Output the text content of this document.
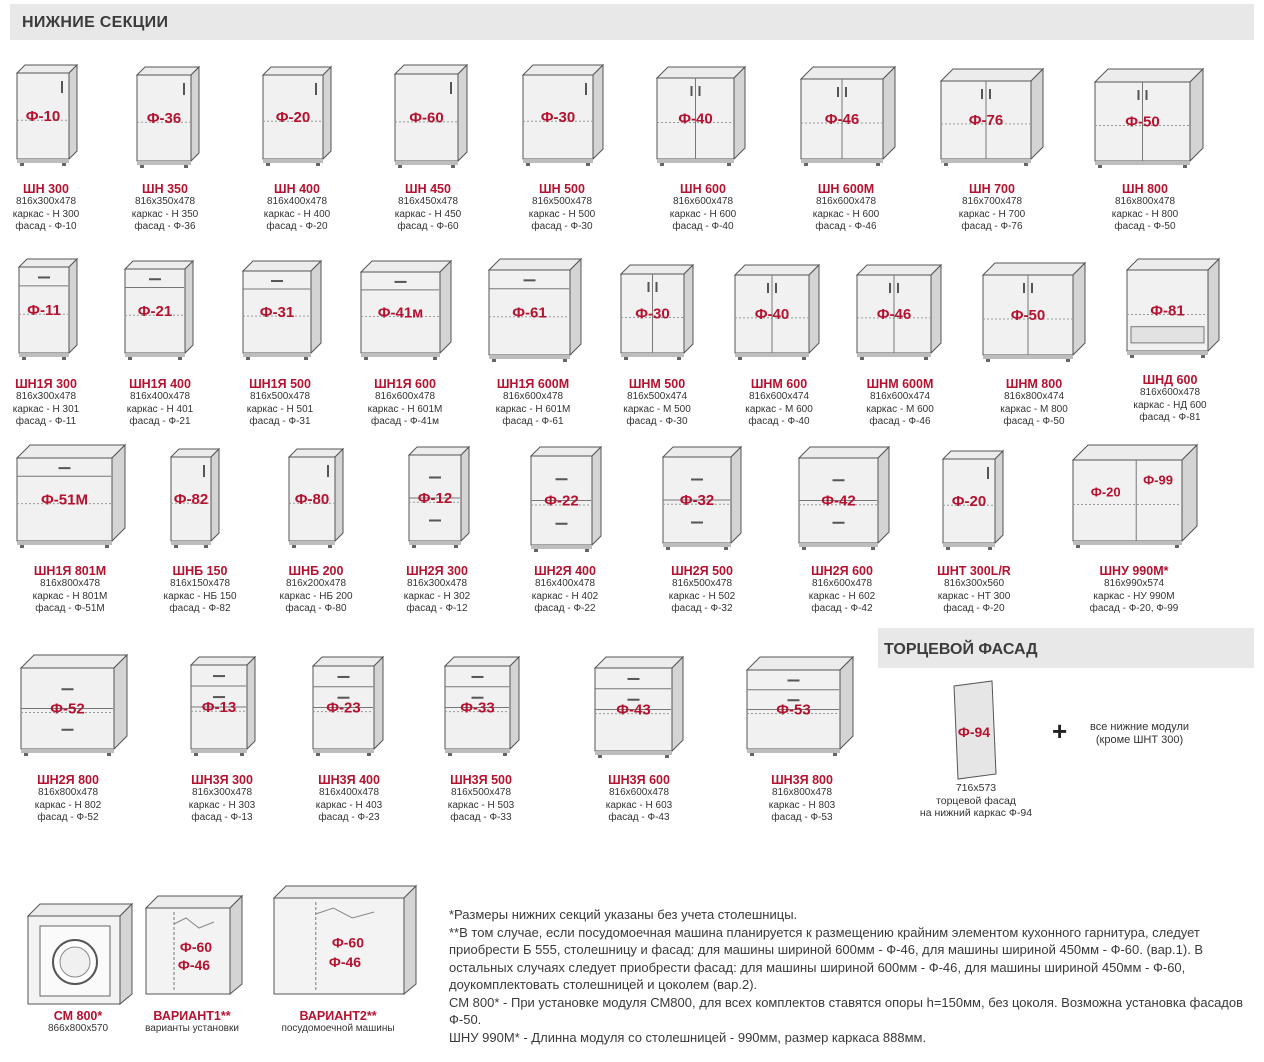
НИЖНИЕ СЕКЦИИ
ТОРЦЕВОЙ ФАСАД
Ф-10
ШН 300
816x300x478
каркас - Н 300
фасад - Ф-10
Ф-36
ШН 350
816x350x478
каркас - Н 350
фасад - Ф-36
Ф-20
ШН 400
816x400x478
каркас - Н 400
фасад - Ф-20
Ф-60
ШН 450
816x450x478
каркас - Н 450
фасад - Ф-60
Ф-30
ШН 500
816x500x478
каркас - Н 500
фасад - Ф-30
Ф-40
ШН 600
816x600x478
каркас - Н 600
фасад - Ф-40
Ф-46
ШН 600М
816x600x478
каркас - Н 600
фасад - Ф-46
Ф-76
ШН 700
816x700x478
каркас - Н 700
фасад - Ф-76
Ф-50
ШН 800
816x800x478
каркас - Н 800
фасад - Ф-50
Ф-11
ШН1Я 300
816x300x478
каркас - Н 301
фасад - Ф-11
Ф-21
ШН1Я 400
816x400x478
каркас - Н 401
фасад - Ф-21
Ф-31
ШН1Я 500
816x500x478
каркас - Н 501
фасад - Ф-31
Ф-41м
ШН1Я 600
816x600x478
каркас - Н 601М
фасад - Ф-41м
Ф-61
ШН1Я 600М
816x600x478
каркас - Н 601М
фасад - Ф-61
Ф-30
ШНМ 500
816x500x474
каркас - М 500
фасад - Ф-30
Ф-40
ШНМ 600
816x600x474
каркас - М 600
фасад - Ф-40
Ф-46
ШНМ 600М
816x600x474
каркас - М 600
фасад - Ф-46
Ф-50
ШНМ 800
816x800x474
каркас - М 800
фасад - Ф-50
Ф-81
ШНД 600
816x600x478
каркас - НД 600
фасад - Ф-81
Ф-51М
ШН1Я 801М
816x800x478
каркас - Н 801М
фасад - Ф-51М
Ф-82
ШНБ 150
816x150x478
каркас - НБ 150
фасад - Ф-82
Ф-80
ШНБ 200
816x200x478
каркас - НБ 200
фасад - Ф-80
Ф-12
ШН2Я 300
816x300x478
каркас - Н 302
фасад - Ф-12
Ф-22
ШН2Я 400
816x400x478
каркас - Н 402
фасад - Ф-22
Ф-32
ШН2Я 500
816x500x478
каркас - Н 502
фасад - Ф-32
Ф-42
ШН2Я 600
816x600x478
каркас - Н 602
фасад - Ф-42
Ф-20
ШНТ 300L/R
816x300x560
каркас - НТ 300
фасад - Ф-20
Ф-20
Ф-99
ШНУ 990М*
816x990x574
каркас - НУ 990М
фасад - Ф-20, Ф-99
Ф-52
ШН2Я 800
816x800x478
каркас - Н 802
фасад - Ф-52
Ф-13
ШН3Я 300
816x300x478
каркас - Н 303
фасад - Ф-13
Ф-23
ШН3Я 400
816x400x478
каркас - Н 403
фасад - Ф-23
Ф-33
ШН3Я 500
816x500x478
каркас - Н 503
фасад - Ф-33
Ф-43
ШН3Я 600
816x600x478
каркас - Н 603
фасад - Ф-43
Ф-53
ШН3Я 800
816x800x478
каркас - Н 803
фасад - Ф-53
Ф-94
716x573
торцевой фасад
на нижний каркас Ф-94
СМ 800*
866x800x570
Ф-60
Ф-46
ВАРИАНТ1**
варианты установки
Ф-60
Ф-46
ВАРИАНТ2**
посудомоечной машины
+ все нижние модули
(кроме ШНТ 300)

*Размеры нижних секций указаны без учета столешницы.

**В том случае, если посудомоечная машина планируется к размещению крайним элементом кухонного гарнитура, следует приобрести Б 555, столешницу и фасад: для машины шириной 600мм - Ф-46, для машины шириной 450мм - Ф-60. (вар.1). В остальных случаях следует приобрести фасад: для машины шириной 600мм - Ф-46, для машины шириной 450мм - Ф-60, доукомплектовать столешницей и цоколем (вар.2).

СМ 800* - При установке модуля СМ800, для всех комплектов ставятся опоры h=150мм, без цоколя. Возможна установка фасадов Ф-50.

ШНУ 990М* - Длинна модуля со столешницей - 990мм, размер каркаса 888мм.
